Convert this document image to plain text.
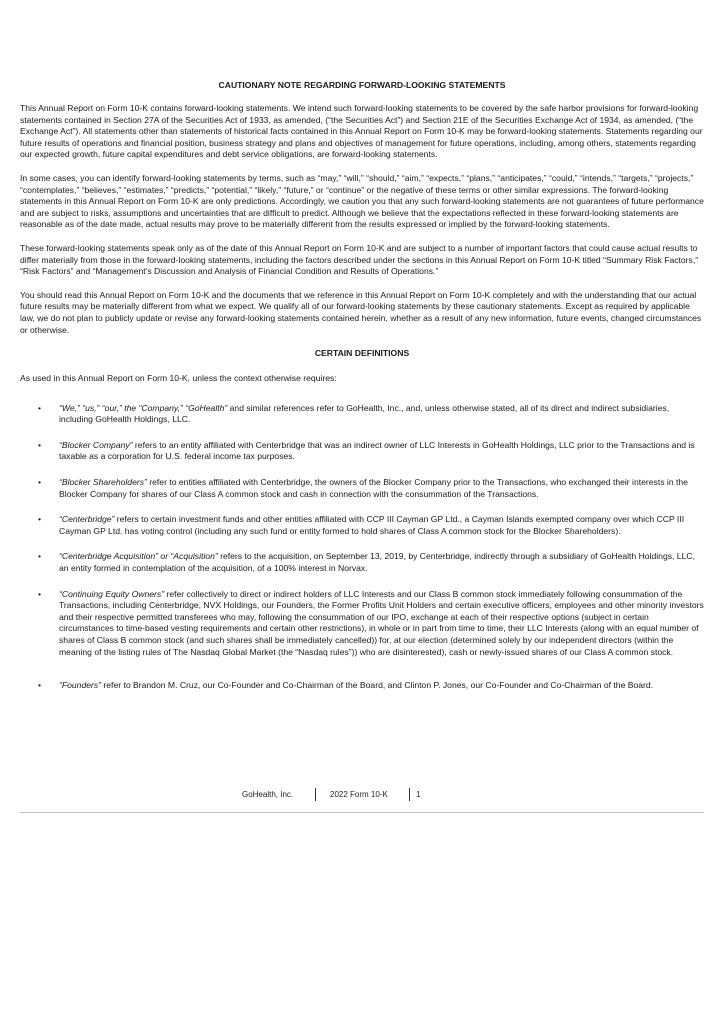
CAUTIONARY NOTE REGARDING FORWARD-LOOKING STATEMENTS

This Annual Report on Form 10-K contains forward-looking statements. We intend such forward-looking statements to be covered by the safe harbor provisions for forward-looking statements contained in Section 27A of the Securities Act of 1933, as amended, (“the Securities Act”) and Section 21E of the Securities Exchange Act of 1934, as amended, (“the Exchange Act”). All statements other than statements of historical facts contained in this Annual Report on Form 10-K may be forward-looking statements. Statements regarding our future results of operations and financial position, business strategy and plans and objectives of management for future operations, including, among others, statements regarding our expected growth, future capital expenditures and debt service obligations, are forward-looking statements.

In some cases, you can identify forward-looking statements by terms, such as “may,” “will,” “should,” “aim,” “expects,” “plans,” “anticipates,” “could,” “intends,” “targets,” “projects,” “contemplates,” “believes,” “estimates,” “predicts,” “potential,” “likely,” “future,” or “continue” or the negative of these terms or other similar expressions. The forward-looking statements in this Annual Report on Form 10-K are only predictions. Accordingly, we caution you that any such forward-looking statements are not guarantees of future performance and are subject to risks, assumptions and uncertainties that are difficult to predict. Although we believe that the expectations reflected in these forward-looking statements are reasonable as of the date made, actual results may prove to be materially different from the results expressed or implied by the forward-looking statements.

These forward-looking statements speak only as of the date of this Annual Report on Form 10-K and are subject to a number of important factors that could cause actual results to differ materially from those in the forward-looking statements, including the factors described under the sections in this Annual Report on Form 10-K titled “Summary Risk Factors,” “Risk Factors” and “Management’s Discussion and Analysis of Financial Condition and Results of Operations.”

You should read this Annual Report on Form 10-K and the documents that we reference in this Annual Report on Form 10-K completely and with the understanding that our actual future results may be materially different from what we expect. We qualify all of our forward-looking statements by these cautionary statements. Except as required by applicable law, we do not plan to publicly update or revise any forward-looking statements contained herein, whether as a result of any new information, future events, changed circumstances or otherwise.

CERTAIN DEFINITIONS

As used in this Annual Report on Form 10-K, unless the context otherwise requires:

• “We,” “us,” “our,” the “Company,” “GoHealth” and similar references refer to GoHealth, Inc., and, unless otherwise stated, all of its direct and indirect subsidiaries, including GoHealth Holdings, LLC.
• “Blocker Company” refers to an entity affiliated with Centerbridge that was an indirect owner of LLC Interests in GoHealth Holdings, LLC prior to the Transactions and is taxable as a corporation for U.S. federal income tax purposes.
• “Blocker Shareholders” refer to entities affiliated with Centerbridge, the owners of the Blocker Company prior to the Transactions, who exchanged their interests in the Blocker Company for shares of our Class A common stock and cash in connection with the consummation of the Transactions.
• “Centerbridge” refers to certain investment funds and other entities affiliated with CCP III Cayman GP Ltd., a Cayman Islands exempted company over which CCP III Cayman GP Ltd. has voting control (including any such fund or entity formed to hold shares of Class A common stock for the Blocker Shareholders).
• “Centerbridge Acquisition” or “Acquisition” refers to the acquisition, on September 13, 2019, by Centerbridge, indirectly through a subsidiary of GoHealth Holdings, LLC, an entity formed in contemplation of the acquisition, of a 100% interest in Norvax.
• “Continuing Equity Owners” refer collectively to direct or indirect holders of LLC Interests and our Class B common stock immediately following consummation of the Transactions, including Centerbridge, NVX Holdings, our Founders, the Former Profits Unit Holders and certain executive officers, employees and other minority investors and their respective permitted transferees who may, following the consummation of our IPO, exchange at each of their respective options (subject in certain circumstances to time-based vesting requirements and certain other restrictions), in whole or in part from time to time, their LLC Interests (along with an equal number of shares of Class B common stock (and such shares shall be immediately cancelled)) for, at our election (determined solely by our independent directors (within the meaning of the listing rules of The Nasdaq Global Market (the “Nasdaq rules”)) who are disinterested), cash or newly-issued shares of our Class A common stock.
• “Founders” refer to Brandon M. Cruz, our Co-Founder and Co-Chairman of the Board, and Clinton P. Jones, our Co-Founder and Co-Chairman of the Board.
GoHealth, Inc.	2022 Form 10-K	1
